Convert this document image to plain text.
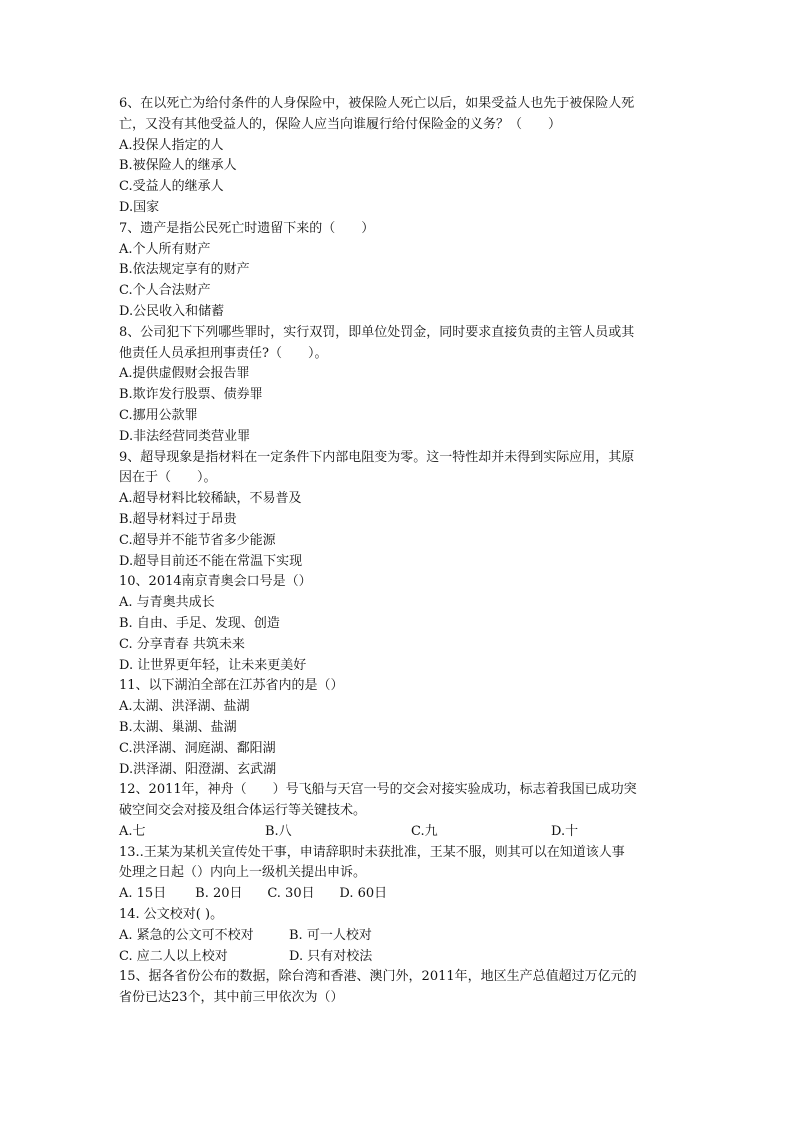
6、在以死亡为给付条件的人身保险中，被保险人死亡以后，如果受益人也先于被保险人死
亡，又没有其他受益人的，保险人应当向谁履行给付保险金的义务？（　　）
A.投保人指定的人
B.被保险人的继承人
C.受益人的继承人
D.国家
7、遗产是指公民死亡时遗留下来的（　　）
A.个人所有财产
B.依法规定享有的财产
C.个人合法财产
D.公民收入和储蓄
8、公司犯下下列哪些罪时，实行双罚，即单位处罚金，同时要求直接负责的主管人员或其
他责任人员承担刑事责任?（　　）。
A.提供虚假财会报告罪
B.欺诈发行股票、债券罪
C.挪用公款罪
D.非法经营同类营业罪
9、超导现象是指材料在一定条件下内部电阻变为零。这一特性却并未得到实际应用，其原
因在于（　　）。
A.超导材料比较稀缺，不易普及
B.超导材料过于昂贵
C.超导并不能节省多少能源
D.超导目前还不能在常温下实现
10、2014南京青奥会口号是（）
A. 与青奥共成长
B. 自由、手足、发现、创造
C. 分享青春 共筑未来
D. 让世界更年轻，让未来更美好
11、以下湖泊全部在江苏省内的是（）
A.太湖、洪泽湖、盐湖
B.太湖、巢湖、盐湖
C.洪泽湖、洞庭湖、鄱阳湖
D.洪泽湖、阳澄湖、玄武湖
12、2011年，神舟（　　）号飞船与天宫一号的交会对接实验成功，标志着我国已成功突
破空间交会对接及组合体运行等关键技术。
A.七	B.八	C.九	D.十
13..王某为某机关宣传处干事，申请辞职时未获批准，王某不服，则其可以在知道该人事
处理之日起（）内向上一级机关提出申诉。
A. 15日 B. 20日 C. 30日 D. 60日
14. 公文校对( )。
A. 紧急的公文可不校对	B. 可一人校对
C. 应二人以上校对	D. 只有对校法
15、据各省份公布的数据，除台湾和香港、澳门外，2011年，地区生产总值超过万亿元的
省份已达23个，其中前三甲依次为（）
